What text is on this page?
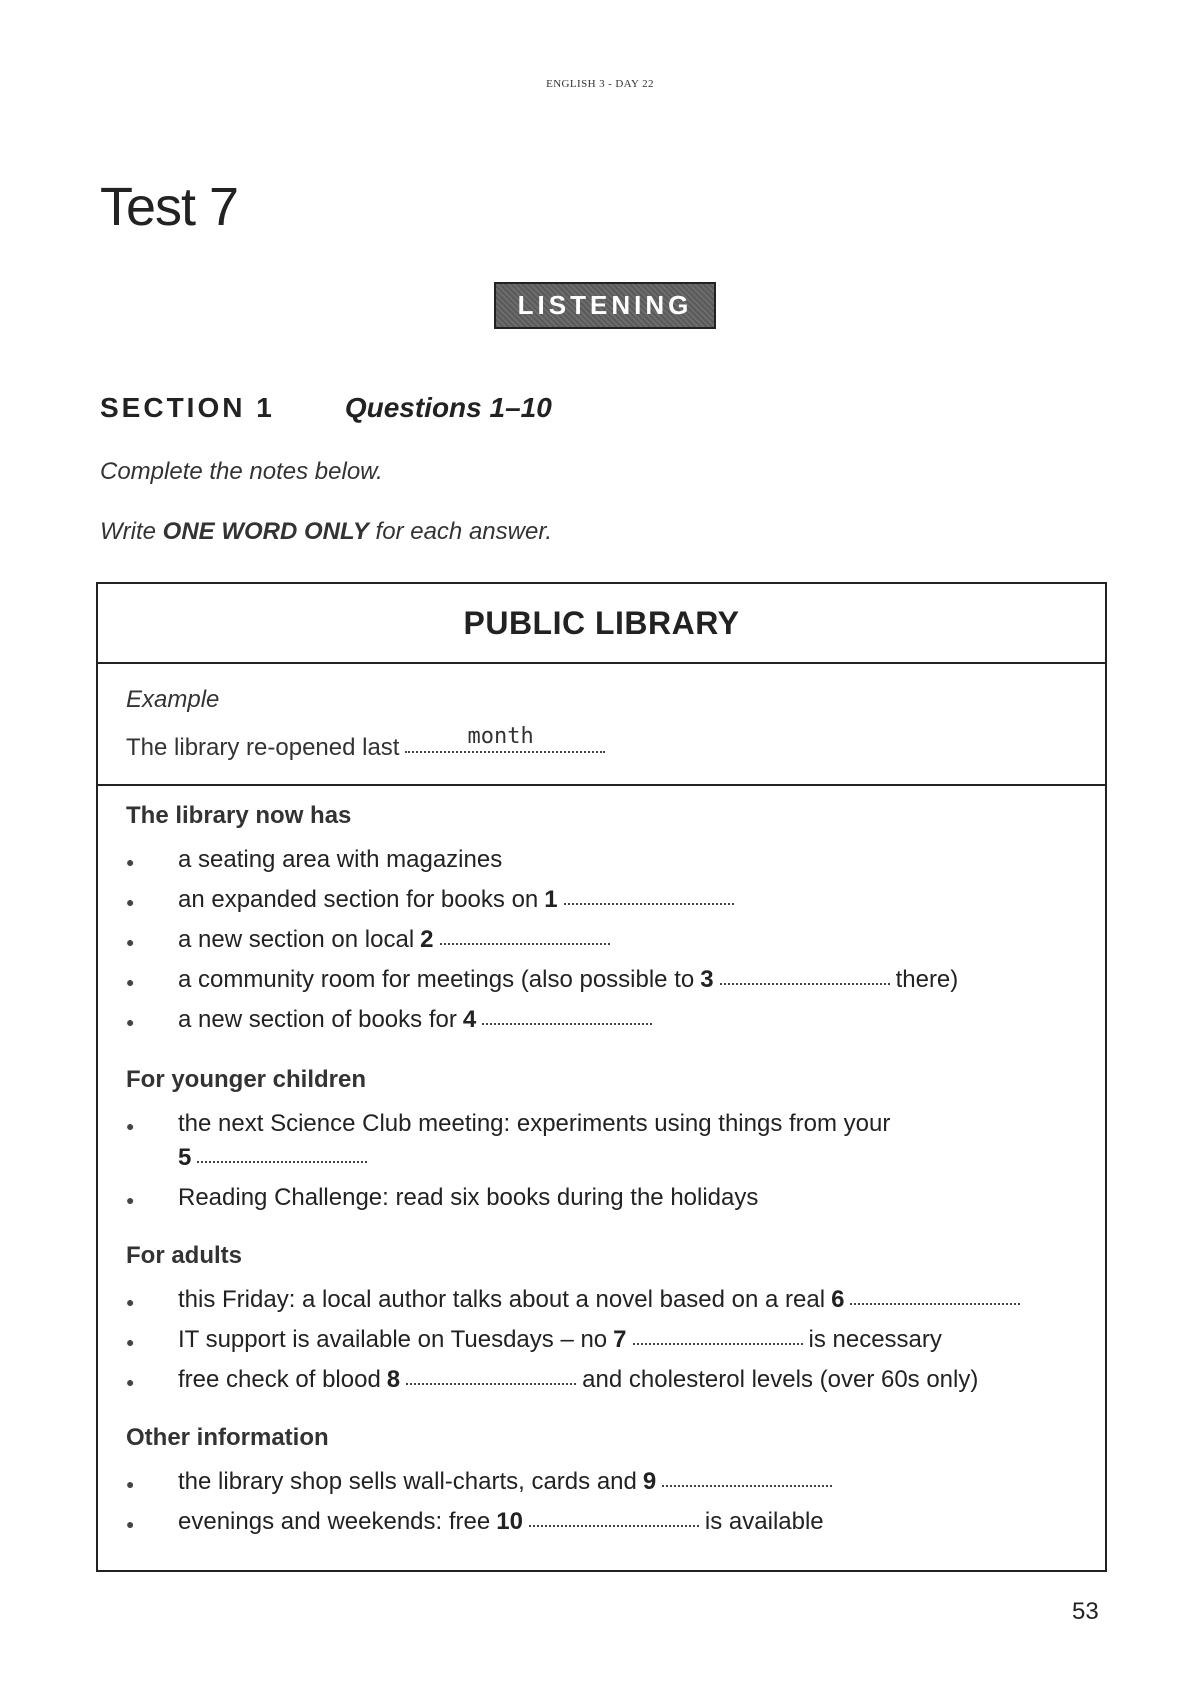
ENGLISH 3 - DAY 22
Test 7
LISTENING
SECTION 1	Questions 1–10
Complete the notes below.
Write ONE WORD ONLY for each answer.
PUBLIC LIBRARY
Example
The library re-opened last	month
The library now has
●	a seating area with magazines
●	an expanded section for books on 1
●	a new section on local 2
●	a community room for meetings (also possible to 3	there)
●	a new section of books for 4
For younger children
●	the next Science Club meeting: experiments using things from your
5
●	Reading Challenge: read six books during the holidays
For adults
●	this Friday: a local author talks about a novel based on a real 6
●	IT support is available on Tuesdays – no 7	is necessary
●	free check of blood 8	and cholesterol levels (over 60s only)
Other information
●	the library shop sells wall-charts, cards and 9
●	evenings and weekends: free 10	is available
53
